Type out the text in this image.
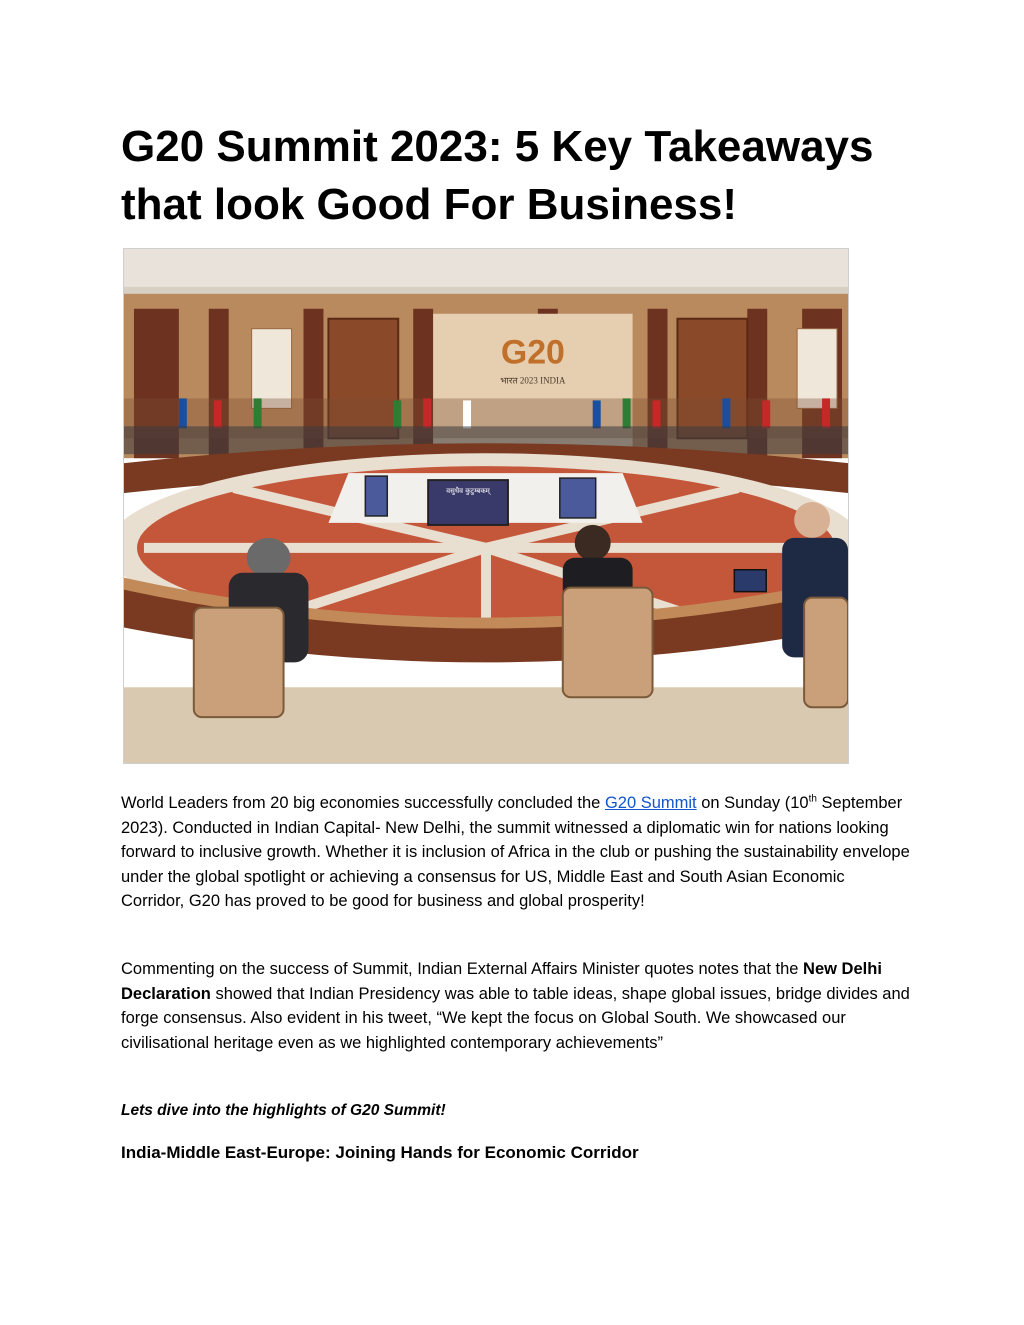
G20 Summit 2023: 5 Key Takeaways that look Good For Business!
G20
भारत 2023 INDIA
वसुधैव कुटुम्बकम्

World Leaders from 20 big economies successfully concluded the G20 Summit on Sunday (10th September 2023). Conducted in Indian Capital- New Delhi, the summit witnessed a diplomatic win for nations looking forward to inclusive growth. Whether it is inclusion of Africa in the club or pushing the sustainability envelope under the global spotlight or achieving a consensus for US, Middle East and South Asian Economic Corridor, G20 has proved to be good for business and global prosperity!

Commenting on the success of Summit, Indian External Affairs Minister quotes notes that the New Delhi Declaration showed that Indian Presidency was able to table ideas, shape global issues, bridge divides and forge consensus. Also evident in his tweet, “We kept the focus on Global South. We showcased our civilisational heritage even as we highlighted contemporary achievements”

Lets dive into the highlights of G20 Summit!

India-Middle East-Europe: Joining Hands for Economic Corridor
